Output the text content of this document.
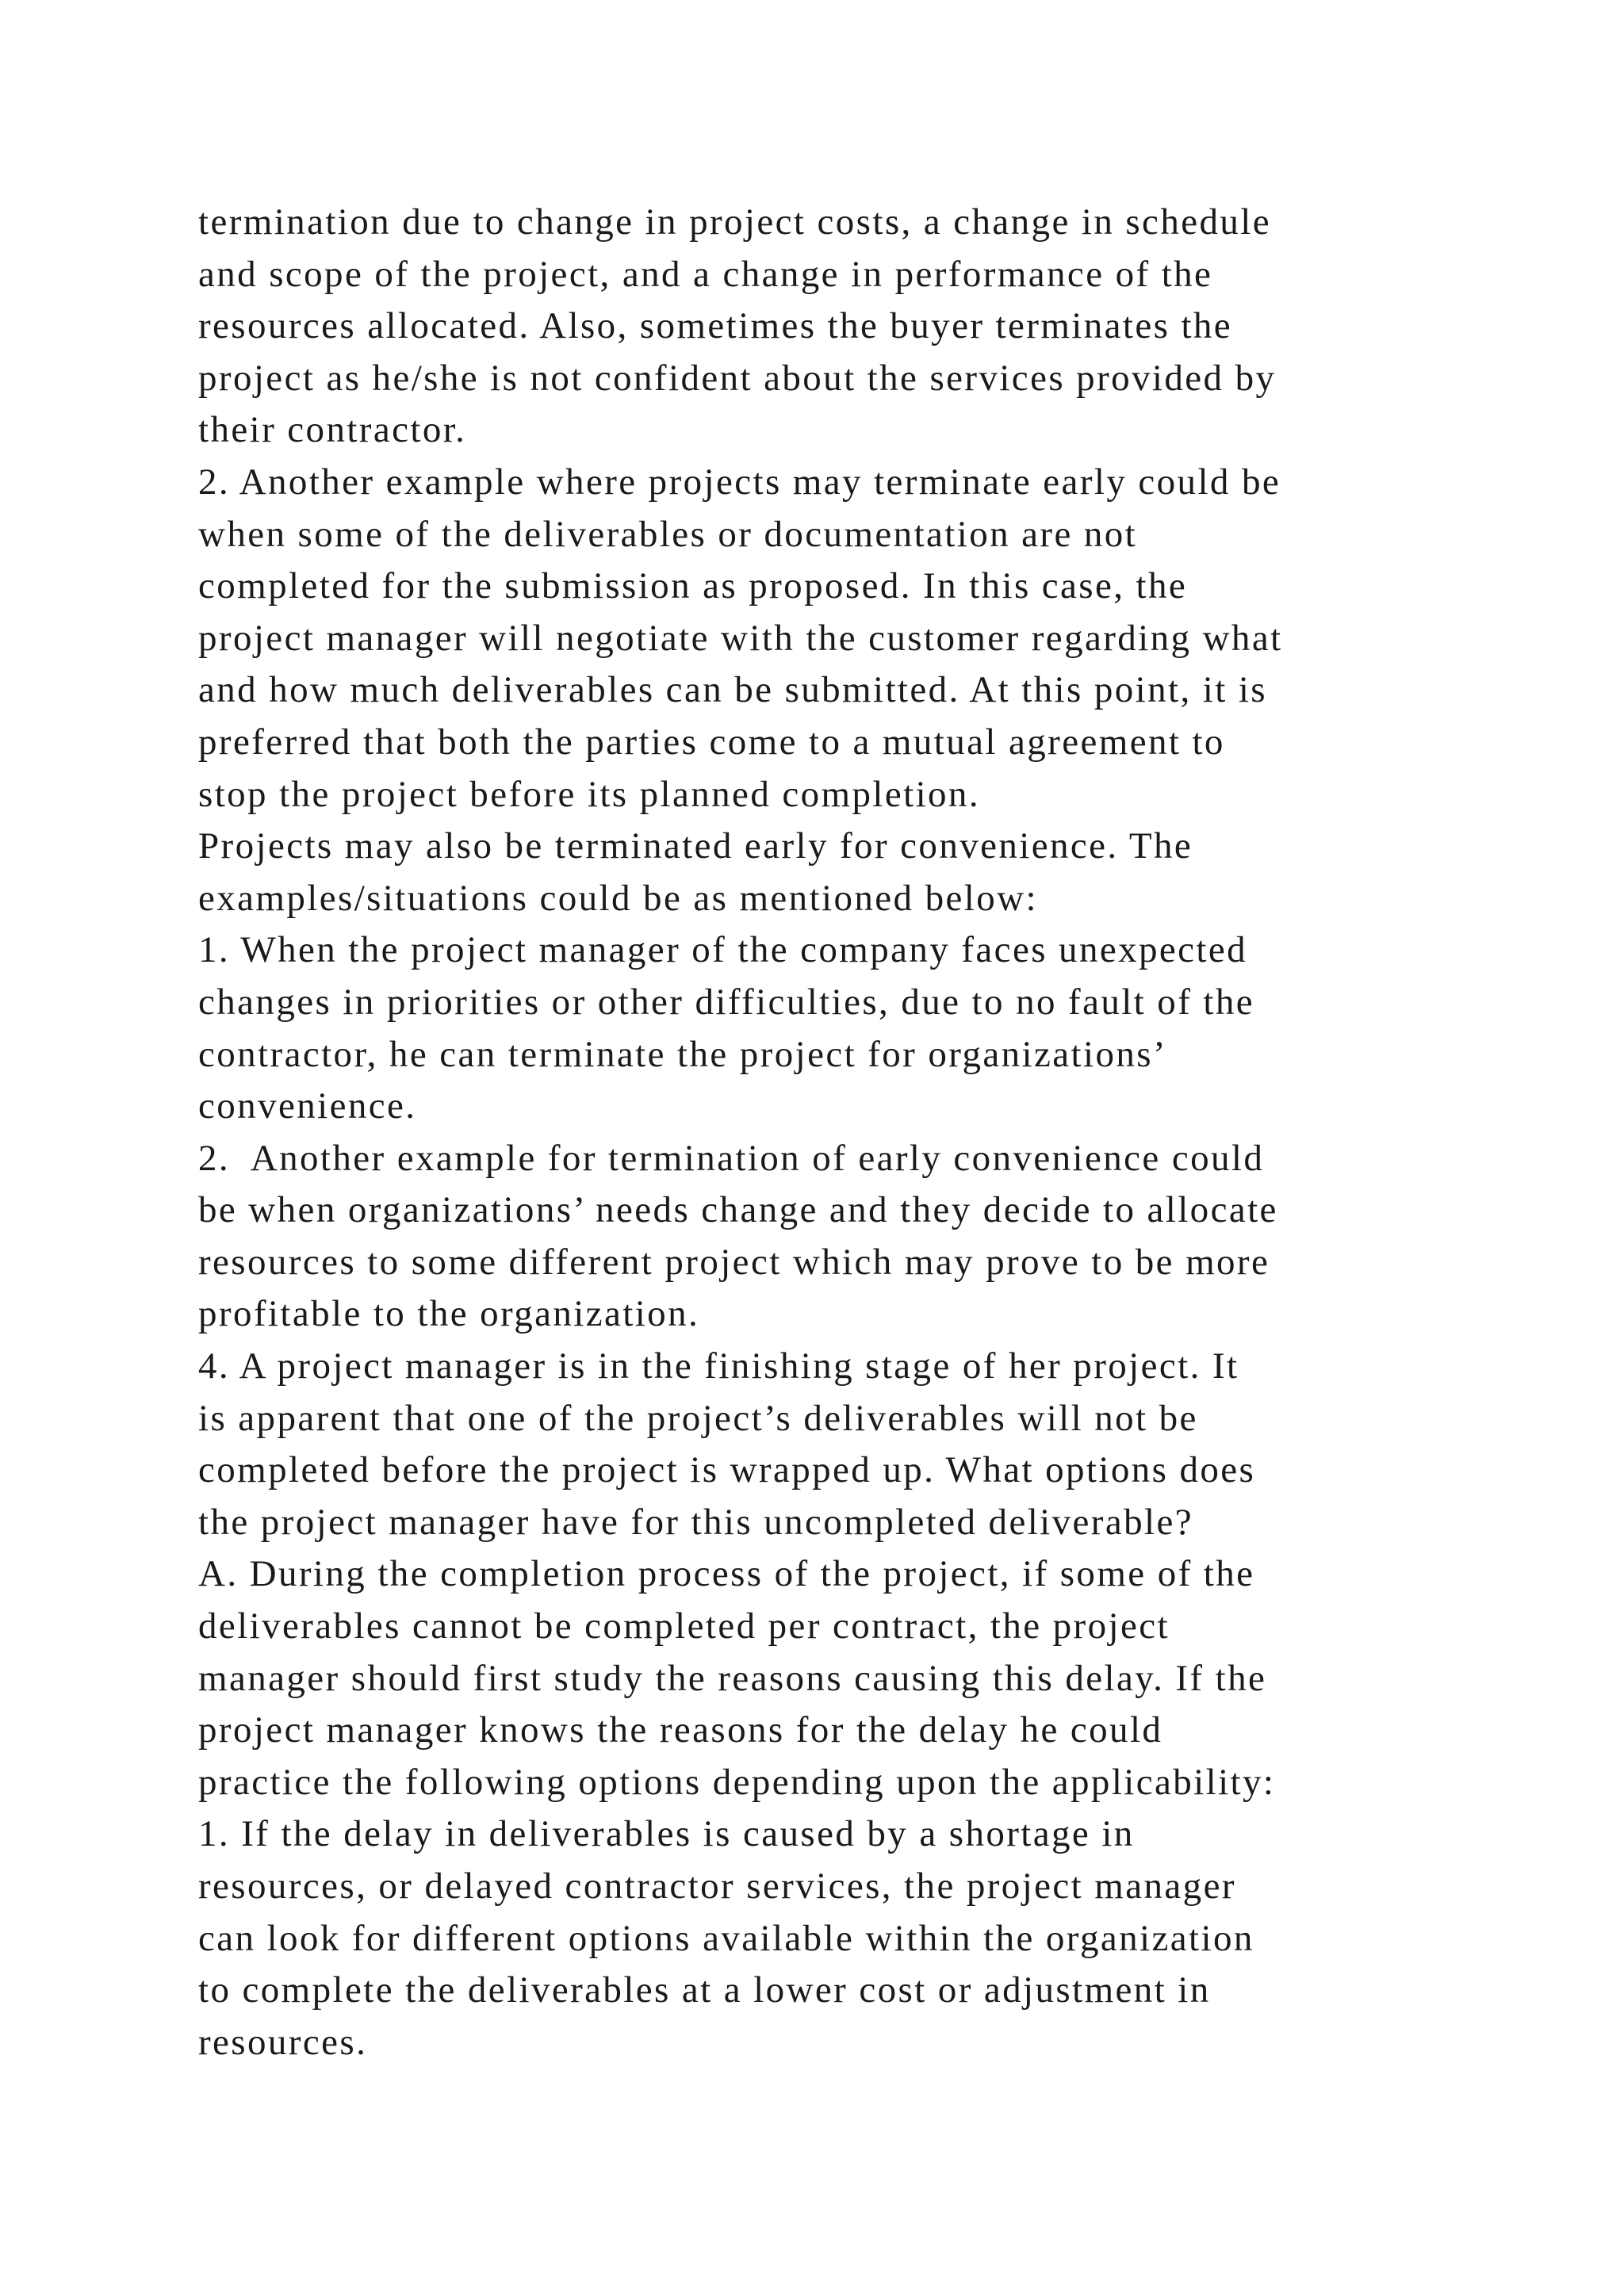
termination due to change in project costs, a change in schedule
and scope of the project, and a change in performance of the
resources allocated. Also, sometimes the buyer terminates the
project as he/she is not confident about the services provided by
their contractor.
2. Another example where projects may terminate early could be
when some of the deliverables or documentation are not
completed for the submission as proposed. In this case, the
project manager will negotiate with the customer regarding what
and how much deliverables can be submitted. At this point, it is
preferred that both the parties come to a mutual agreement to
stop the project before its planned completion.
Projects may also be terminated early for convenience. The
examples/situations could be as mentioned below:
1. When the project manager of the company faces unexpected
changes in priorities or other difficulties, due to no fault of the
contractor, he can terminate the project for organizations’
convenience.
2.  Another example for termination of early convenience could
be when organizations’ needs change and they decide to allocate
resources to some different project which may prove to be more
profitable to the organization.
4. A project manager is in the finishing stage of her project. It
is apparent that one of the project’s deliverables will not be
completed before the project is wrapped up. What options does
the project manager have for this uncompleted deliverable?
A. During the completion process of the project, if some of the
deliverables cannot be completed per contract, the project
manager should first study the reasons causing this delay. If the
project manager knows the reasons for the delay he could
practice the following options depending upon the applicability:
1. If the delay in deliverables is caused by a shortage in
resources, or delayed contractor services, the project manager
can look for different options available within the organization
to complete the deliverables at a lower cost or adjustment in
resources.
